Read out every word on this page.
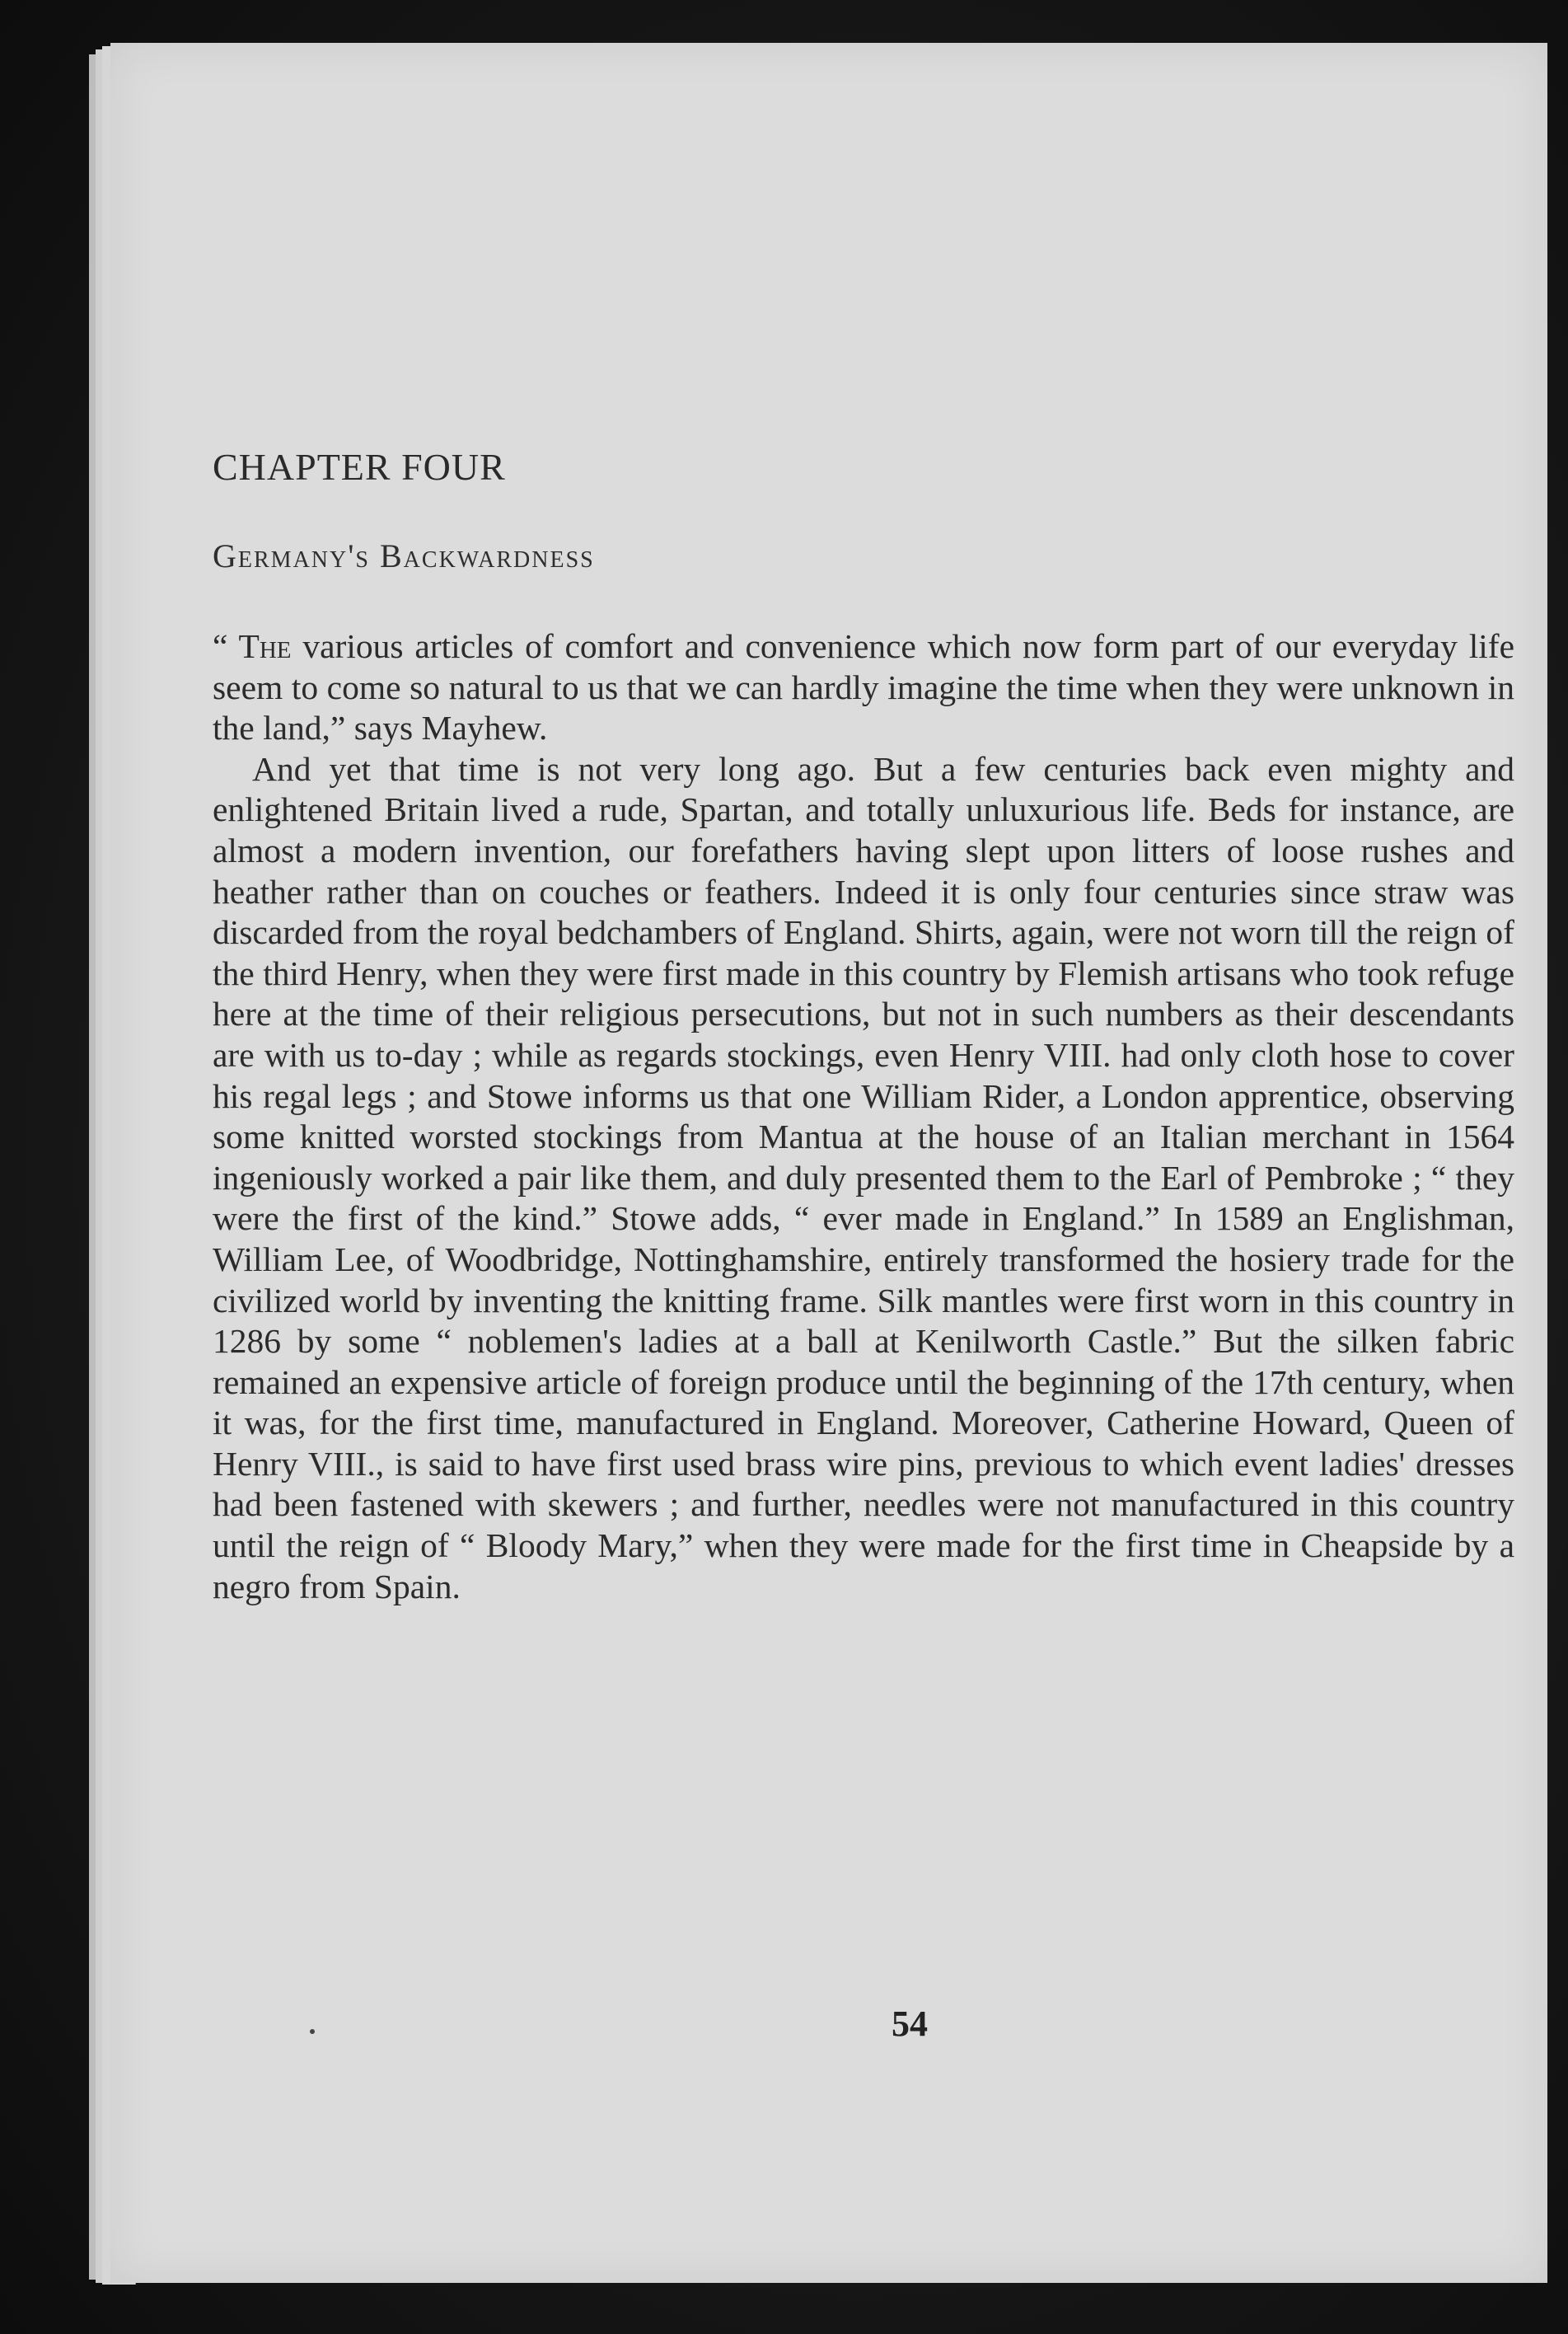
CHAPTER FOUR
Germany's Backwardness

“ The various articles of comfort and convenience which now form part of our everyday life seem to come so natural to us that we can hardly imagine the time when they were unknown in the land,” says Mayhew.

And yet that time is not very long ago. But a few centuries back even mighty and enlightened Britain lived a rude, Spartan, and totally unluxurious life. Beds for instance, are almost a modern invention, our forefathers having slept upon litters of loose rushes and heather rather than on couches or feathers. Indeed it is only four centuries since straw was discarded from the royal bedchambers of England. Shirts, again, were not worn till the reign of the third Henry, when they were first made in this country by Flemish artisans who took refuge here at the time of their religious persecutions, but not in such numbers as their descendants are with us to-day ; while as regards stockings, even Henry VIII. had only cloth hose to cover his regal legs ; and Stowe informs us that one William Rider, a London apprentice, observing some knitted worsted stockings from Mantua at the house of an Italian merchant in 1564 ingeniously worked a pair like them, and duly presented them to the Earl of Pembroke ; “ they were the first of the kind.” Stowe adds, “ ever made in England.” In 1589 an Englishman, William Lee, of Woodbridge, Nottinghamshire, entirely transformed the hosiery trade for the civilized world by inventing the knitting frame. Silk mantles were first worn in this country in 1286 by some “ noblemen's ladies at a ball at Kenilworth Castle.” But the silken fabric remained an expensive article of foreign produce until the beginning of the 17th century, when it was, for the first time, manufactured in England. Moreover, Catherine Howard, Queen of Henry VIII., is said to have first used brass wire pins, previous to which event ladies' dresses had been fastened with skewers ; and further, needles were not manufactured in this country until the reign of “ Bloody Mary,” when they were made for the first time in Cheapside by a negro from Spain.

54
